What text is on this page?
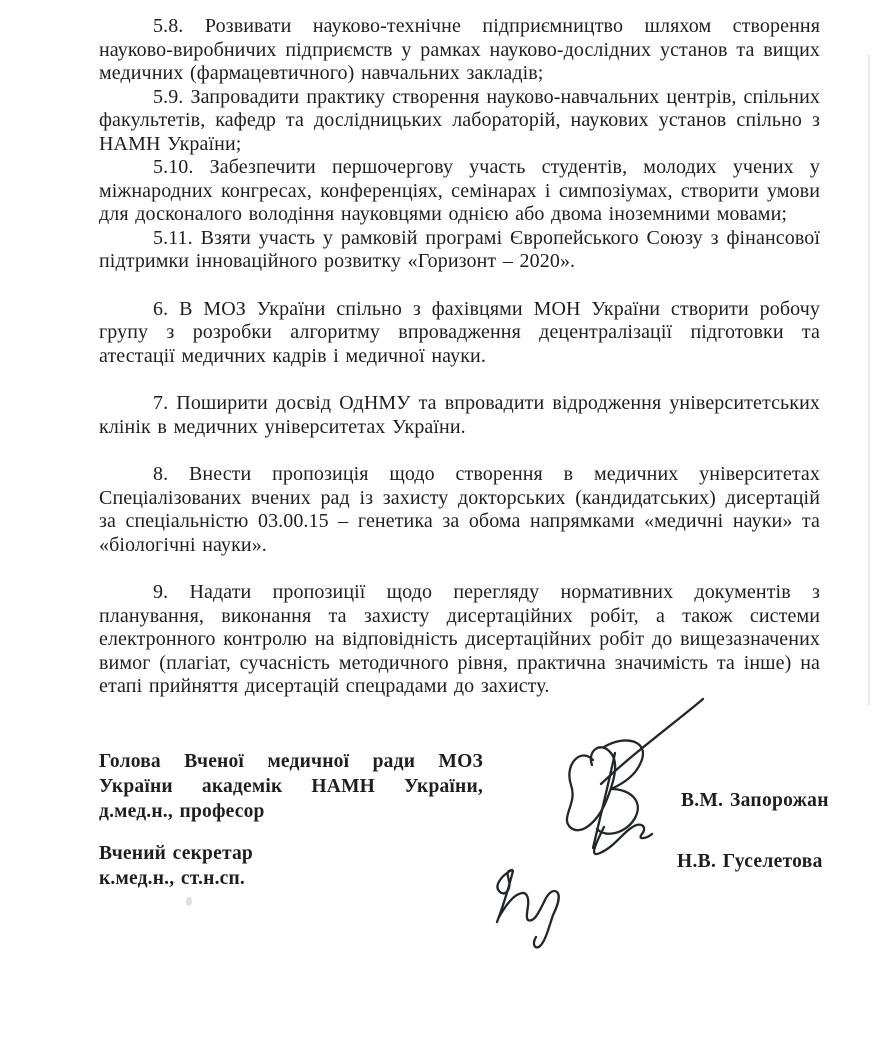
5.8. Розвивати науково-технічне підприємництво шляхом створення науково-виробничих підприємств у рамках науково-дослідних установ та вищих медичних (фармацевтичного) навчальних закладів;

5.9. Запровадити практику створення науково-навчальних центрів, спільних факультетів, кафедр та дослідницьких лабораторій, наукових установ спільно з НАМН України;

5.10. Забезпечити першочергову участь студентів, молодих учених у міжнародних конгресах, конференціях, семінарах і симпозіумах, створити умови для досконалого володіння науковцями однією або двома іноземними мовами;

5.11. Взяти участь у рамковій програмі Європейського Союзу з фінансової підтримки інноваційного розвитку «Горизонт – 2020».

6. В МОЗ України спільно з фахівцями МОН України створити робочу групу з розробки алгоритму впровадження децентралізації підготовки та атестації медичних кадрів і медичної науки.

7. Поширити досвід ОдНМУ та впровадити відродження університетських клінік в медичних університетах України.

8. Внести пропозиція щодо створення в медичних університетах Спеціалізованих вчених рад із захисту докторських (кандидатських) дисертацій за спеціальністю 03.00.15 – генетика за обома напрямками «медичні науки» та «біологічні науки».

9. Надати пропозиції щодо перегляду нормативних документів з планування, виконання та захисту дисертаційних робіт, а також системи електронного контролю на відповідність дисертаційних робіт до вищезазначених вимог (плагіат, сучасність методичного рівня, практична значимість та інше) на етапі прийняття дисертацій спецрадами до захисту.

Голова Вченої медичної ради МОЗ
України академік НАМН України,
д.мед.н., професор
Вчений секретар
к.мед.н., ст.н.сп.
В.М. Запорожан
Н.В. Гуселетова
